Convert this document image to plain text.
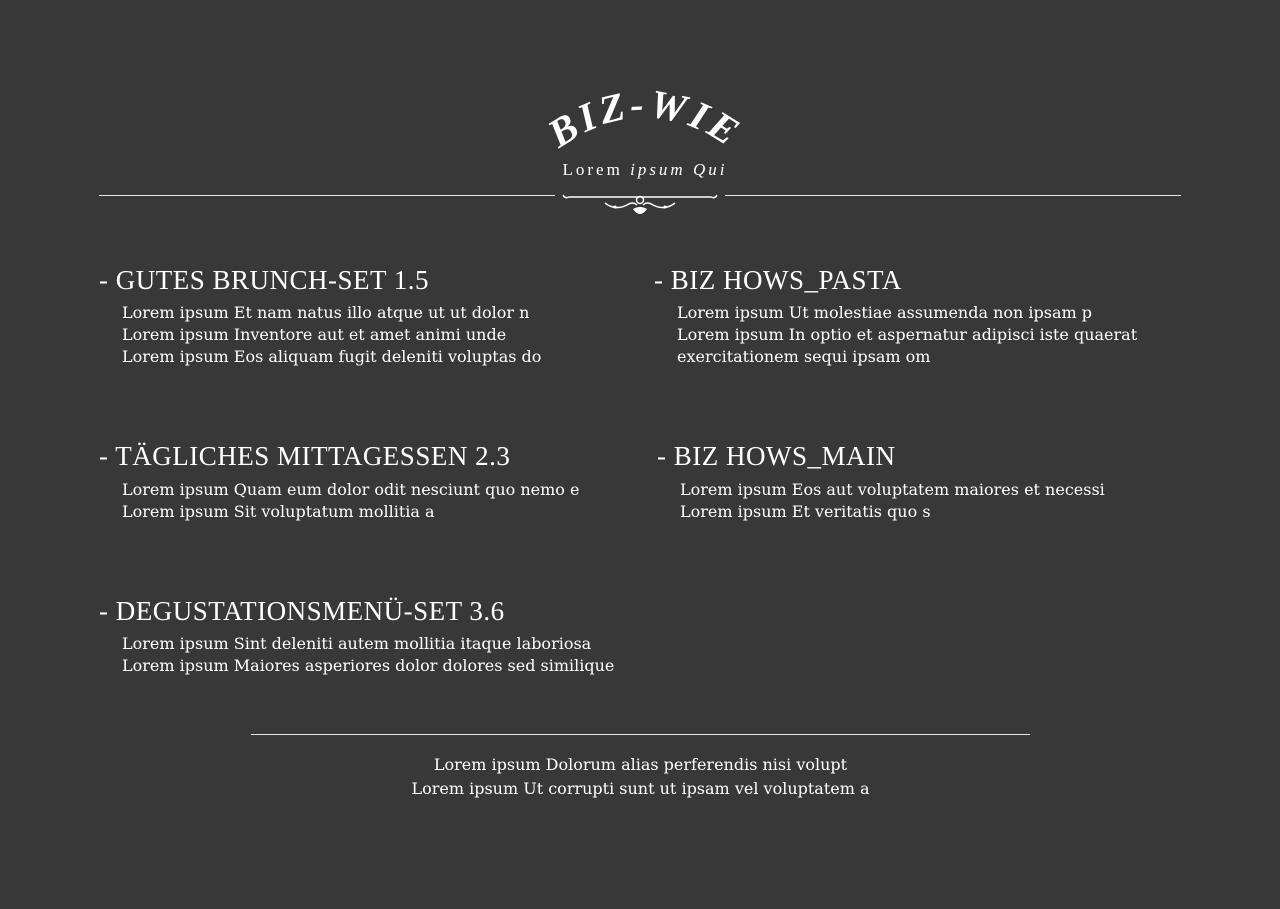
BIZ-WIE
Lorem ipsum Qui
- GUTES BRUNCH-SET 1.5
Lorem ipsum Et nam natus illo atque ut ut dolor n
Lorem ipsum Inventore aut et amet animi unde
Lorem ipsum Eos aliquam fugit deleniti voluptas do
- BIZ HOWS_PASTA
Lorem ipsum Ut molestiae assumenda non ipsam p
Lorem ipsum In optio et aspernatur adipisci iste quaerat
exercitationem sequi ipsam om
- TÄGLICHES MITTAGESSEN 2.3
Lorem ipsum Quam eum dolor odit nesciunt quo nemo e
Lorem ipsum Sit voluptatum mollitia a
- BIZ HOWS_MAIN
Lorem ipsum Eos aut voluptatem maiores et necessi
Lorem ipsum Et veritatis quo s
- DEGUSTATIONSMENÜ-SET 3.6
Lorem ipsum Sint deleniti autem mollitia itaque laboriosa
Lorem ipsum Maiores asperiores dolor dolores sed similique
Lorem ipsum Dolorum alias perferendis nisi volupt
Lorem ipsum Ut corrupti sunt ut ipsam vel voluptatem a
